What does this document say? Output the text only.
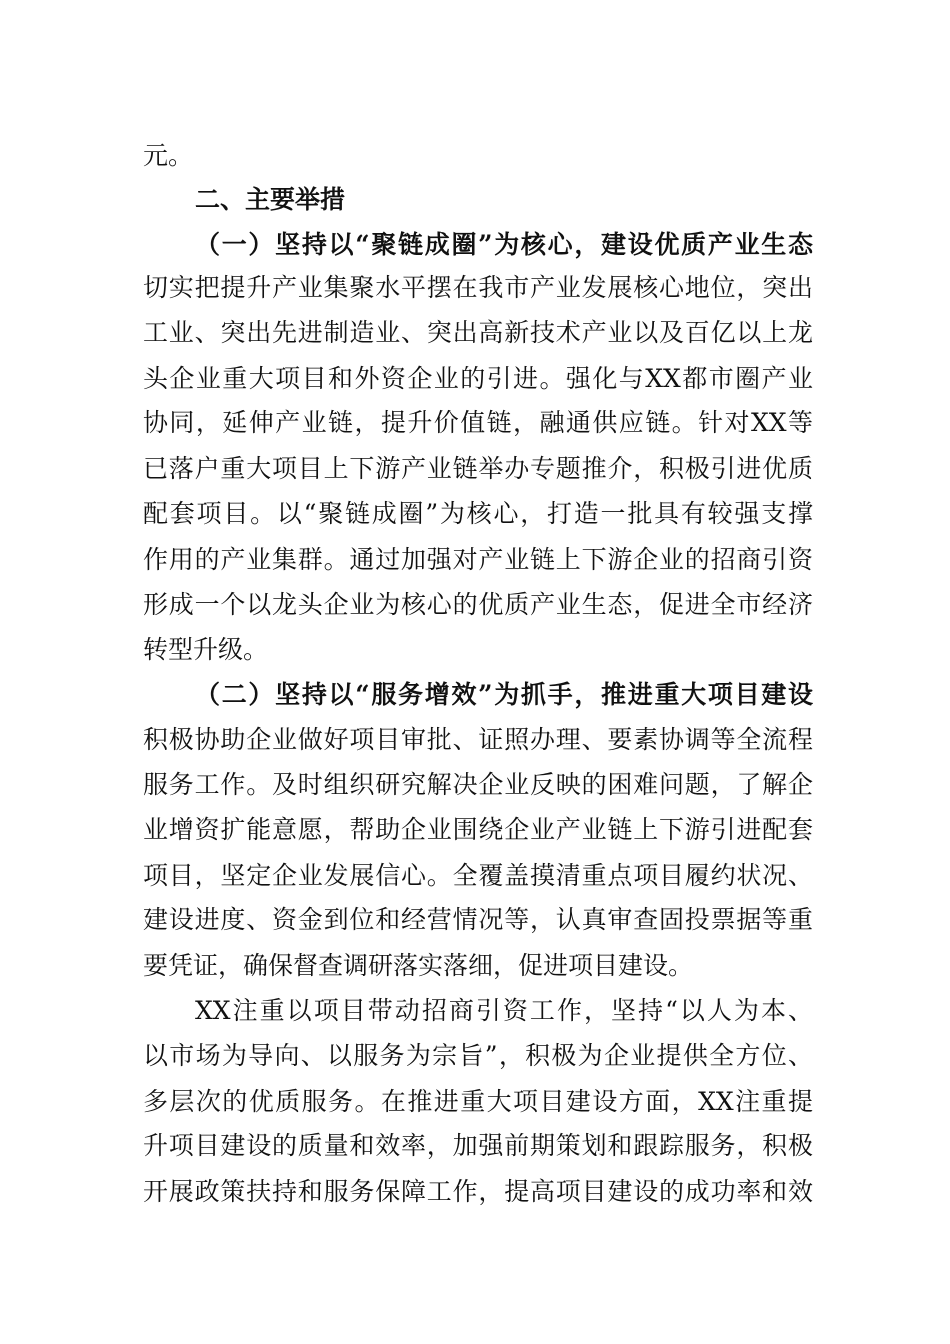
元。
二、主要举措
（一）坚持以“聚链成圈”为核心，建设优质产业生态
切实把提升产业集聚水平摆在我市产业发展核心地位，突出
工业、突出先进制造业、突出高新技术产业以及百亿以上龙
头企业重大项目和外资企业的引进。强化与XX都市圈产业
协同，延伸产业链，提升价值链，融通供应链。针对XX等
已落户重大项目上下游产业链举办专题推介，积极引进优质
配套项目。以“聚链成圈”为核心，打造一批具有较强支撑
作用的产业集群。通过加强对产业链上下游企业的招商引资
形成一个以龙头企业为核心的优质产业生态，促进全市经济
转型升级。
（二）坚持以“服务增效”为抓手，推进重大项目建设
积极协助企业做好项目审批、证照办理、要素协调等全流程
服务工作。及时组织研究解决企业反映的困难问题，了解企
业增资扩能意愿，帮助企业围绕企业产业链上下游引进配套
项目，坚定企业发展信心。全覆盖摸清重点项目履约状况、
建设进度、资金到位和经营情况等，认真审查固投票据等重
要凭证，确保督查调研落实落细，促进项目建设。
XX注重以项目带动招商引资工作，坚持“以人为本、
以市场为导向、以服务为宗旨”，积极为企业提供全方位、
多层次的优质服务。在推进重大项目建设方面，XX注重提
升项目建设的质量和效率，加强前期策划和跟踪服务，积极
开展政策扶持和服务保障工作，提高项目建设的成功率和效
